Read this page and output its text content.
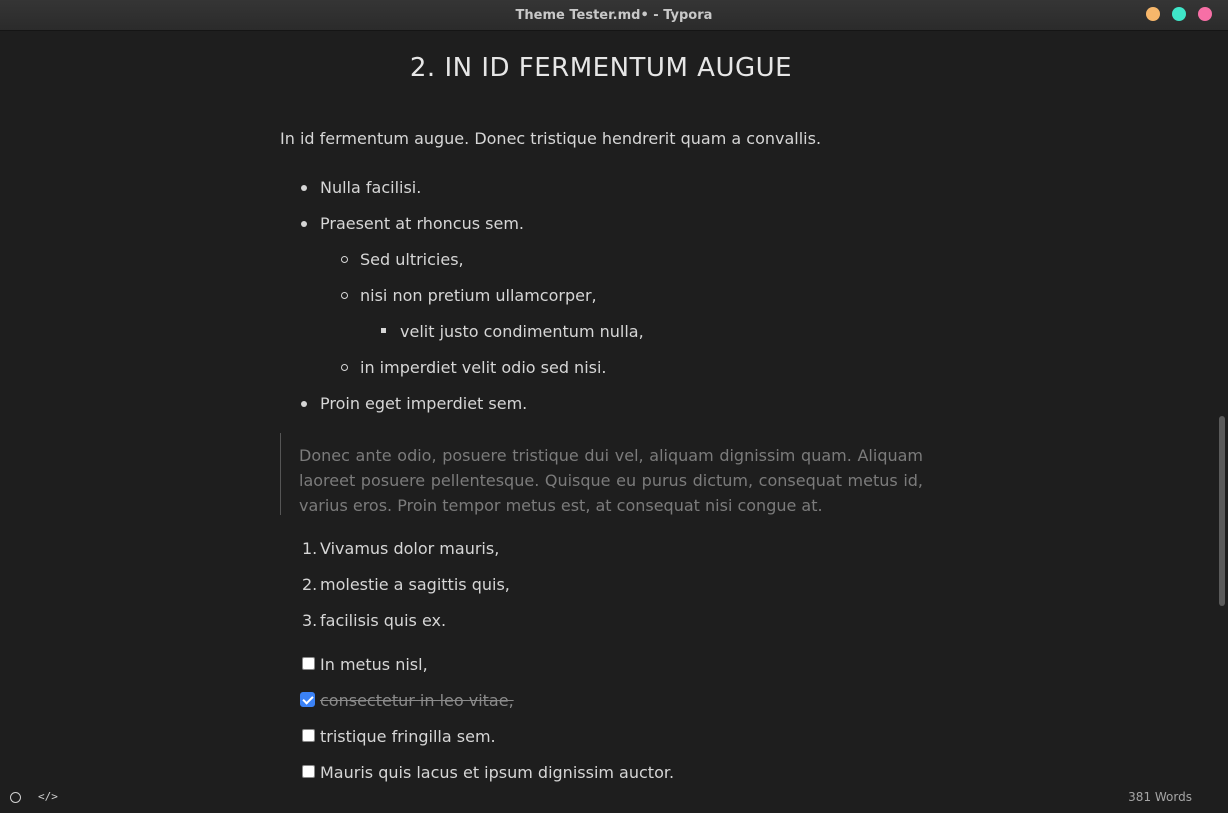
Theme Tester.md• - Typora
2. IN ID FERMENTUM AUGUE
In id fermentum augue. Donec tristique hendrerit quam a convallis.
Nulla facilisi.
Praesent at rhoncus sem.
Sed ultricies,
nisi non pretium ullamcorper,
velit justo condimentum nulla,
in imperdiet velit odio sed nisi.
Proin eget imperdiet sem.
Donec ante odio, posuere tristique dui vel, aliquam dignissim quam. Aliquam laoreet posuere pellentesque. Quisque eu purus dictum, consequat metus id, varius eros. Proin tempor metus est, at consequat nisi congue at.
1. Vivamus dolor mauris,
2. molestie a sagittis quis,
3. facilisis quis ex.
In metus nisl,
consectetur in leo vitae,
tristique fringilla sem.
Mauris quis lacus et ipsum dignissim auctor.
</>	381 Words
